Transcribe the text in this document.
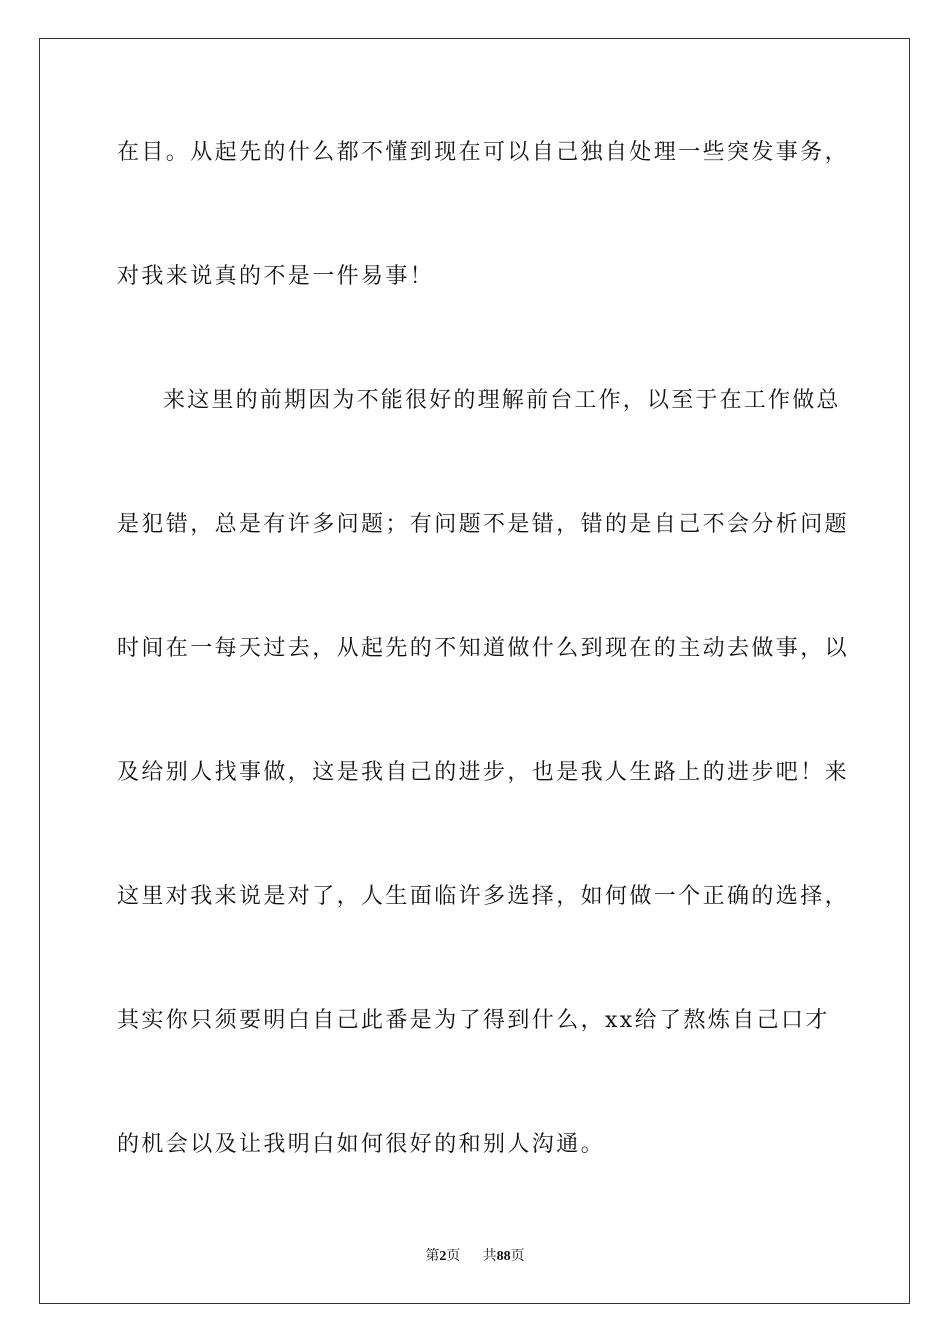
在目。从起先的什么都不懂到现在可以自己独自处理一些突发事务，
对我来说真的不是一件易事！
来这里的前期因为不能很好的理解前台工作，以至于在工作做总
是犯错，总是有许多问题；有问题不是错，错的是自己不会分析问题
时间在一每天过去，从起先的不知道做什么到现在的主动去做事，以
及给别人找事做，这是我自己的进步，也是我人生路上的进步吧！来
这里对我来说是对了，人生面临许多选择，如何做一个正确的选择，
其实你只须要明白自己此番是为了得到什么，xx给了熬炼自己口才
的机会以及让我明白如何很好的和别人沟通。
第2页 共88页
